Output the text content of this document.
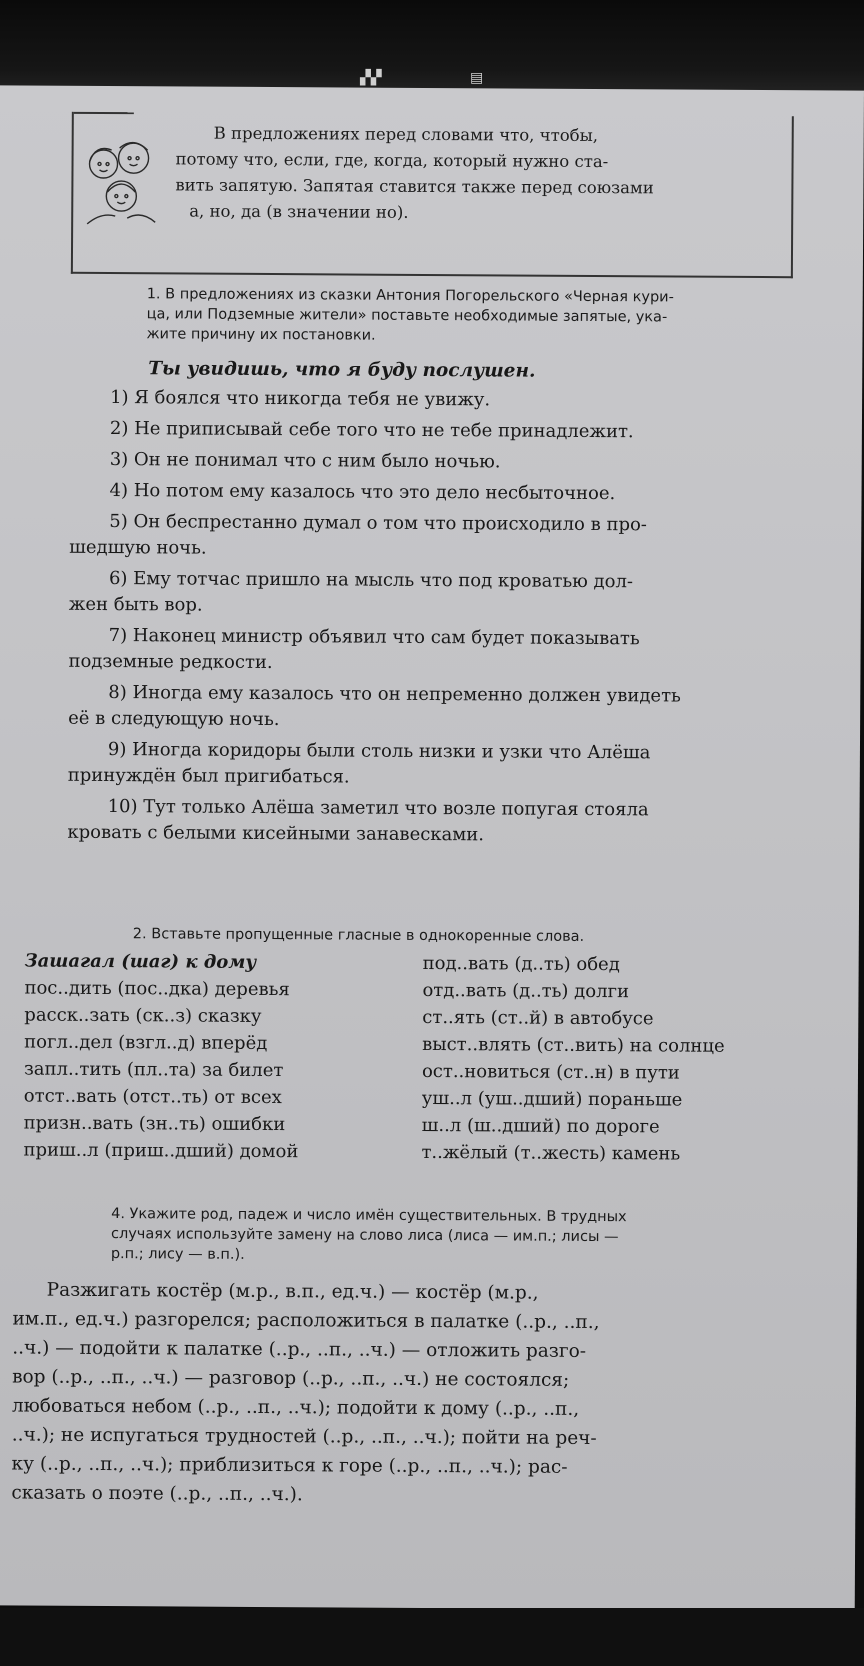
▞▞	▤
В предложениях перед словами что, чтобы,
потому что, если, где, когда, который нужно ста-
вить запятую. Запятая ставится также перед союзами
а, но, да (в значении но).
1. В предложениях из сказки Антония Погорельского «Черная кури-
ца, или Подземные жители» поставьте необходимые запятые, ука-
жите причину их постановки.
Ты увидишь, что я буду послушен.
1) Я боялся что никогда тебя не увижу.
2) Не приписывай себе того что не тебе принадлежит.
3) Он не понимал что с ним было ночью.
4) Но потом ему казалось что это дело несбыточное.
5) Он беспрестанно думал о том что происходило в про-
шедшую ночь.
6) Ему тотчас пришло на мысль что под кроватью дол-
жен быть вор.
7) Наконец министр объявил что сам будет показывать
подземные редкости.
8) Иногда ему казалось что он непременно должен увидеть
её в следующую ночь.
9) Иногда коридоры были столь низки и узки что Алёша
принуждён был пригибаться.
10) Тут только Алёша заметил что возле попугая стояла
кровать с белыми кисейными занавесками.
2. Вставьте пропущенные гласные в однокоренные слова.
Зашагал (шаг) к дому
пос..дить (пос..дка) деревья
расск..зать (ск..з) сказку
погл..дел (взгл..д) вперёд
запл..тить (пл..та) за билет
отст..вать (отст..ть) от всех
призн..вать (зн..ть) ошибки
приш..л (приш..дший) домой
под..вать (д..ть) обед
отд..вать (д..ть) долги
ст..ять (ст..й) в автобусе
выст..влять (ст..вить) на солнце
ост..новиться (ст..н) в пути
уш..л (уш..дший) пораньше
ш..л (ш..дший) по дороге
т..жёлый (т..жесть) камень
4. Укажите род, падеж и число имён существительных. В трудных
случаях используйте замену на слово лиса (лиса — им.п.; лисы —
р.п.; лису — в.п.).
Разжигать костёр (м.р., в.п., ед.ч.) — костёр (м.р.,
им.п., ед.ч.) разгорелся; расположиться в палатке (..р., ..п.,
..ч.) — подойти к палатке (..р., ..п., ..ч.) — отложить разго-
вор (..р., ..п., ..ч.) — разговор (..р., ..п., ..ч.) не состоялся;
любоваться небом (..р., ..п., ..ч.); подойти к дому (..р., ..п.,
..ч.); не испугаться трудностей (..р., ..п., ..ч.); пойти на реч-
ку (..р., ..п., ..ч.); приблизиться к горе (..р., ..п., ..ч.); рас-
сказать о поэте (..р., ..п., ..ч.).
